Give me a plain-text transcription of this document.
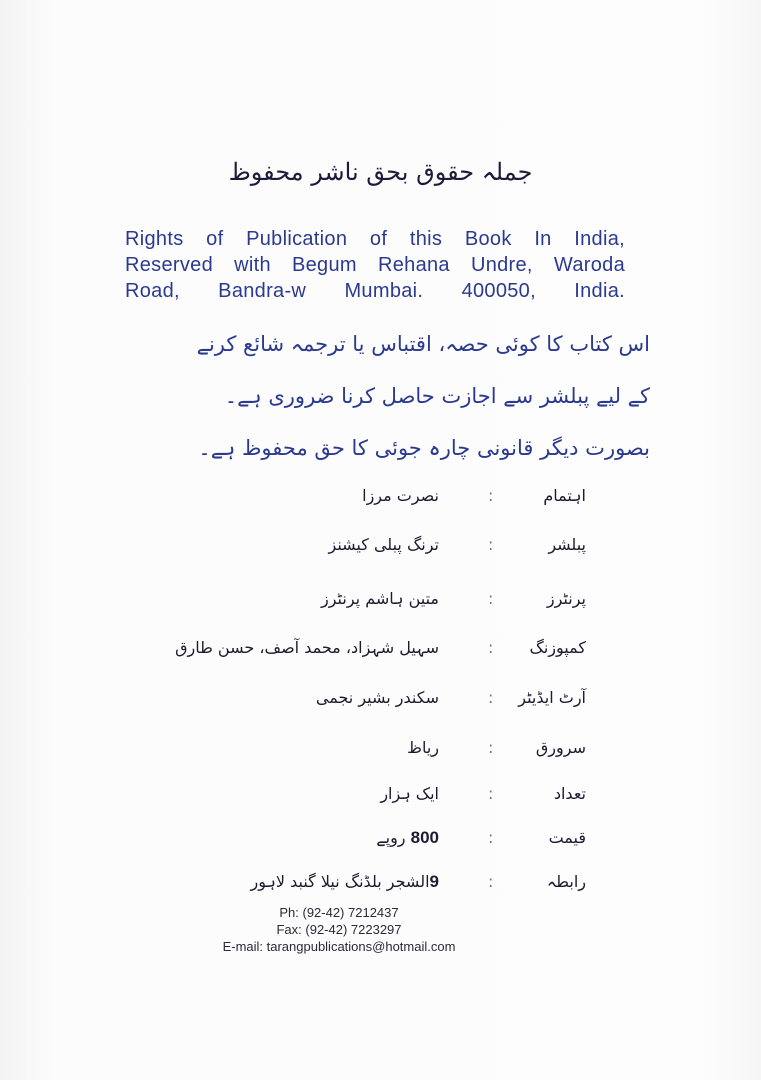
جملہ حقوق بحق ناشر محفوظ
Rights of Publication of this Book In India,
Reserved with Begum Rehana Undre, Waroda
Road, Bandra-w Mumbai. 400050, India.
اس کتاب کا کوئی حصہ، اقتباس یا ترجمہ شائع کرنے
کے لیے پبلشر سے اجازت حاصل کرنا ضروری ہے۔
بصورت دیگر قانونی چارہ جوئی کا حق محفوظ ہے۔
اہتمام
:
نصرت مرزا
پبلشر
:
ترنگ پبلی کیشنز
پرنٹرز
:
متین ہاشم پرنٹرز
کمپوزنگ
:
سہیل شہزاد، محمد آصف، حسن طارق
آرٹ ایڈیٹر
:
سکندر بشیر نجمی
سرورق
:
ریاظ
تعداد
:
ایک ہزار
قیمت
:
800 روپے
رابطہ
:
9الشجر بلڈنگ نیلا گنبد لاہور
Ph: (92-42) 7212437
Fax: (92-42) 7223297
E-mail: tarangpublications@hotmail.com
